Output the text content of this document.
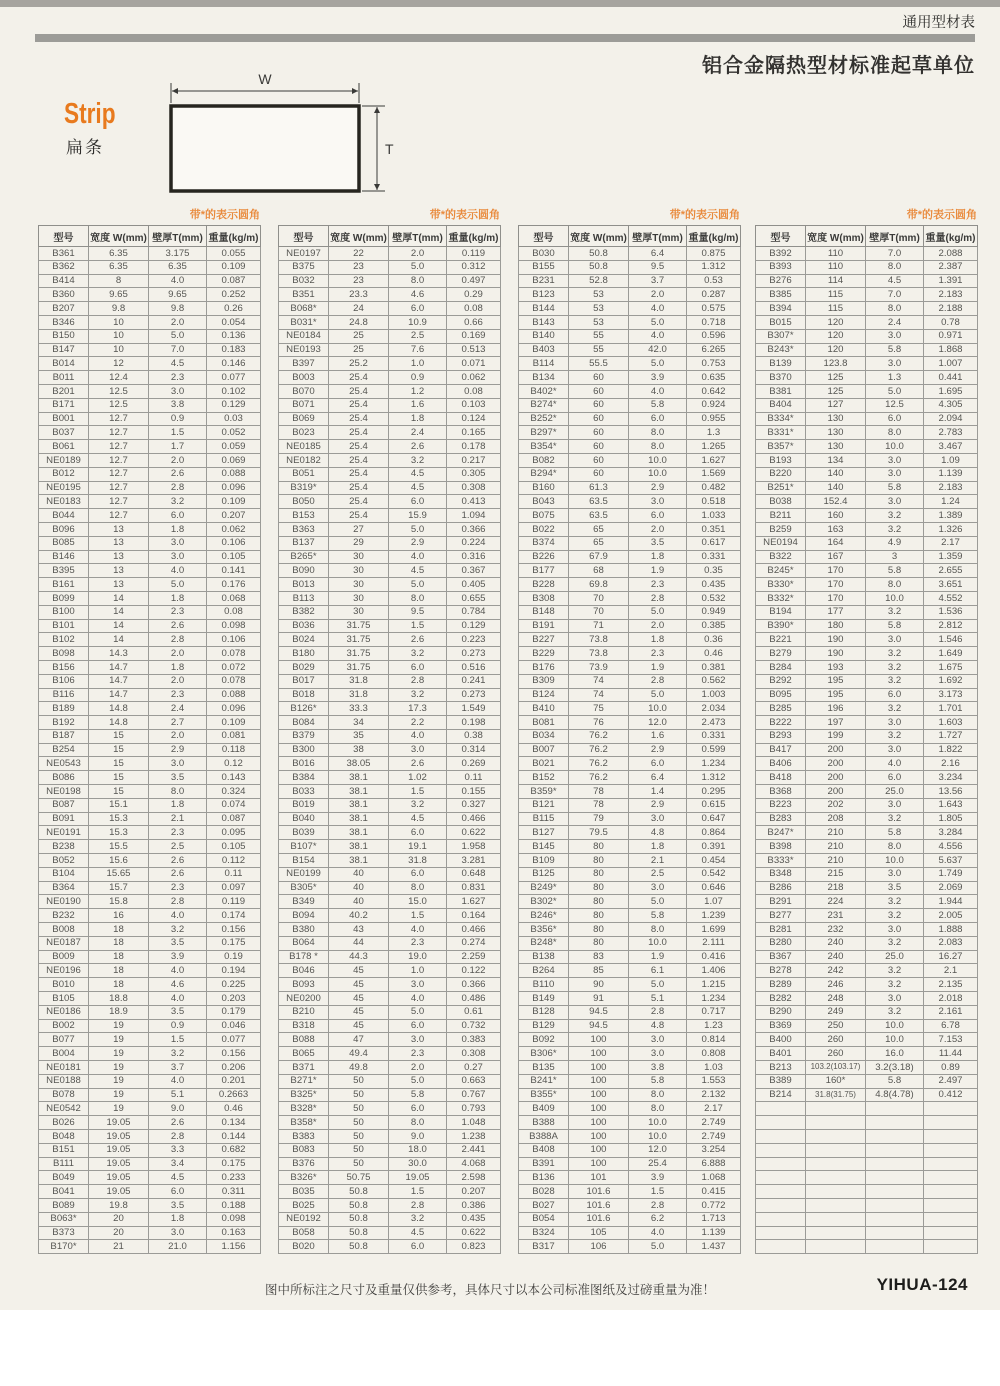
通用型材表
铝合金隔热型材标准起草单位
Strip
扁条
W
T
带*的表示圆角
型号	宽度 W(mm)	壁厚T(mm)	重量(kg/m)
B361	6.35	3.175	0.055
B362	6.35	6.35	0.109
B414	8	4.0	0.087
B360	9.65	9.65	0.252
B207	9.8	9.8	0.26
B346	10	2.0	0.054
B150	10	5.0	0.136
B147	10	7.0	0.183
B014	12	4.5	0.146
B011	12.4	2.3	0.077
B201	12.5	3.0	0.102
B171	12.5	3.8	0.129
B001	12.7	0.9	0.03
B037	12.7	1.5	0.052
B061	12.7	1.7	0.059
NE0189	12.7	2.0	0.069
B012	12.7	2.6	0.088
NE0195	12.7	2.8	0.096
NE0183	12.7	3.2	0.109
B044	12.7	6.0	0.207
B096	13	1.8	0.062
B085	13	3.0	0.106
B146	13	3.0	0.105
B395	13	4.0	0.141
B161	13	5.0	0.176
B099	14	1.8	0.068
B100	14	2.3	0.08
B101	14	2.6	0.098
B102	14	2.8	0.106
B098	14.3	2.0	0.078
B156	14.7	1.8	0.072
B106	14.7	2.0	0.078
B116	14.7	2.3	0.088
B189	14.8	2.4	0.096
B192	14.8	2.7	0.109
B187	15	2.0	0.081
B254	15	2.9	0.118
NE0543	15	3.0	0.12
B086	15	3.5	0.143
NE0198	15	8.0	0.324
B087	15.1	1.8	0.074
B091	15.3	2.1	0.087
NE0191	15.3	2.3	0.095
B238	15.5	2.5	0.105
B052	15.6	2.6	0.112
B104	15.65	2.6	0.11
B364	15.7	2.3	0.097
NE0190	15.8	2.8	0.119
B232	16	4.0	0.174
B008	18	3.2	0.156
NE0187	18	3.5	0.175
B009	18	3.9	0.19
NE0196	18	4.0	0.194
B010	18	4.6	0.225
B105	18.8	4.0	0.203
NE0186	18.9	3.5	0.179
B002	19	0.9	0.046
B077	19	1.5	0.077
B004	19	3.2	0.156
NE0181	19	3.7	0.206
NE0188	19	4.0	0.201
B078	19	5.1	0.2663
NE0542	19	9.0	0.46
B026	19.05	2.6	0.134
B048	19.05	2.8	0.144
B151	19.05	3.3	0.682
B111	19.05	3.4	0.175
B049	19.05	4.5	0.233
B041	19.05	6.0	0.311
B089	19.8	3.5	0.188
B063*	20	1.8	0.098
B373	20	3.0	0.163
B170*	21	21.0	1.156
带*的表示圆角
型号	宽度 W(mm)	壁厚T(mm)	重量(kg/m)
NE0197	22	2.0	0.119
B375	23	5.0	0.312
B032	23	8.0	0.497
B351	23.3	4.6	0.29
B068*	24	6.0	0.08
B031*	24.8	10.9	0.66
NE0184	25	2.5	0.169
NE0193	25	7.6	0.513
B397	25.2	1.0	0.071
B003	25.4	0.9	0.062
B070	25.4	1.2	0.08
B071	25.4	1.6	0.103
B069	25.4	1.8	0.124
B023	25.4	2.4	0.165
NE0185	25.4	2.6	0.178
NE0182	25.4	3.2	0.217
B051	25.4	4.5	0.305
B319*	25.4	4.5	0.308
B050	25.4	6.0	0.413
B153	25.4	15.9	1.094
B363	27	5.0	0.366
B137	29	2.9	0.224
B265*	30	4.0	0.316
B090	30	4.5	0.367
B013	30	5.0	0.405
B113	30	8.0	0.655
B382	30	9.5	0.784
B036	31.75	1.5	0.129
B024	31.75	2.6	0.223
B180	31.75	3.2	0.273
B029	31.75	6.0	0.516
B017	31.8	2.8	0.241
B018	31.8	3.2	0.273
B126*	33.3	17.3	1.549
B084	34	2.2	0.198
B379	35	4.0	0.38
B300	38	3.0	0.314
B016	38.05	2.6	0.269
B384	38.1	1.02	0.11
B033	38.1	1.5	0.155
B019	38.1	3.2	0.327
B040	38.1	4.5	0.466
B039	38.1	6.0	0.622
B107*	38.1	19.1	1.958
B154	38.1	31.8	3.281
NE0199	40	6.0	0.648
B305*	40	8.0	0.831
B349	40	15.0	1.627
B094	40.2	1.5	0.164
B380	43	4.0	0.466
B064	44	2.3	0.274
B178 *	44.3	19.0	2.259
B046	45	1.0	0.122
B093	45	3.0	0.366
NE0200	45	4.0	0.486
B210	45	5.0	0.61
B318	45	6.0	0.732
B088	47	3.0	0.383
B065	49.4	2.3	0.308
B371	49.8	2.0	0.27
B271*	50	5.0	0.663
B325*	50	5.8	0.767
B328*	50	6.0	0.793
B358*	50	8.0	1.048
B383	50	9.0	1.238
B083	50	18.0	2.441
B376	50	30.0	4.068
B326*	50.75	19.05	2.598
B035	50.8	1.5	0.207
B025	50.8	2.8	0.386
NE0192	50.8	3.2	0.435
B058	50.8	4.5	0.622
B020	50.8	6.0	0.823
带*的表示圆角
型号	宽度 W(mm)	壁厚T(mm)	重量(kg/m)
B030	50.8	6.4	0.875
B155	50.8	9.5	1.312
B231	52.8	3.7	0.53
B123	53	2.0	0.287
B144	53	4.0	0.575
B143	53	5.0	0.718
B140	55	4.0	0.596
B403	55	42.0	6.265
B114	55.5	5.0	0.753
B134	60	3.9	0.635
B402*	60	4.0	0.642
B274*	60	5.8	0.924
B252*	60	6.0	0.955
B297*	60	8.0	1.3
B354*	60	8.0	1.265
B082	60	10.0	1.627
B294*	60	10.0	1.569
B160	61.3	2.9	0.482
B043	63.5	3.0	0.518
B075	63.5	6.0	1.033
B022	65	2.0	0.351
B374	65	3.5	0.617
B226	67.9	1.8	0.331
B177	68	1.9	0.35
B228	69.8	2.3	0.435
B308	70	2.8	0.532
B148	70	5.0	0.949
B191	71	2.0	0.385
B227	73.8	1.8	0.36
B229	73.8	2.3	0.46
B176	73.9	1.9	0.381
B309	74	2.8	0.562
B124	74	5.0	1.003
B410	75	10.0	2.034
B081	76	12.0	2.473
B034	76.2	1.6	0.331
B007	76.2	2.9	0.599
B021	76.2	6.0	1.234
B152	76.2	6.4	1.312
B359*	78	1.4	0.295
B121	78	2.9	0.615
B115	79	3.0	0.647
B127	79.5	4.8	0.864
B145	80	1.8	0.391
B109	80	2.1	0.454
B125	80	2.5	0.542
B249*	80	3.0	0.646
B302*	80	5.0	1.07
B246*	80	5.8	1.239
B356*	80	8.0	1.699
B248*	80	10.0	2.111
B138	83	1.9	0.416
B264	85	6.1	1.406
B110	90	5.0	1.215
B149	91	5.1	1.234
B128	94.5	2.8	0.717
B129	94.5	4.8	1.23
B092	100	3.0	0.814
B306*	100	3.0	0.808
B135	100	3.8	1.03
B241*	100	5.8	1.553
B355*	100	8.0	2.132
B409	100	8.0	2.17
B388	100	10.0	2.749
B388A	100	10.0	2.749
B408	100	12.0	3.254
B391	100	25.4	6.888
B136	101	3.9	1.068
B028	101.6	1.5	0.415
B027	101.6	2.8	0.772
B054	101.6	6.2	1.713
B324	105	4.0	1.139
B317	106	5.0	1.437
带*的表示圆角
型号	宽度 W(mm)	壁厚T(mm)	重量(kg/m)
B392	110	7.0	2.088
B393	110	8.0	2.387
B276	114	4.5	1.391
B385	115	7.0	2.183
B394	115	8.0	2.188
B015	120	2.4	0.78
B307*	120	3.0	0.971
B243*	120	5.8	1.868
B139	123.8	3.0	1.007
B370	125	1.3	0.441
B381	125	5.0	1.695
B404	127	12.5	4.305
B334*	130	6.0	2.094
B331*	130	8.0	2.783
B357*	130	10.0	3.467
B193	134	3.0	1.09
B220	140	3.0	1.139
B251*	140	5.8	2.183
B038	152.4	3.0	1.24
B211	160	3.2	1.389
B259	163	3.2	1.326
NE0194	164	4.9	2.17
B322	167	3	1.359
B245*	170	5.8	2.655
B330*	170	8.0	3.651
B332*	170	10.0	4.552
B194	177	3.2	1.536
B390*	180	5.8	2.812
B221	190	3.0	1.546
B279	190	3.2	1.649
B284	193	3.2	1.675
B292	195	3.2	1.692
B095	195	6.0	3.173
B285	196	3.2	1.701
B222	197	3.0	1.603
B293	199	3.2	1.727
B417	200	3.0	1.822
B406	200	4.0	2.16
B418	200	6.0	3.234
B368	200	25.0	13.56
B223	202	3.0	1.643
B283	208	3.2	1.805
B247*	210	5.8	3.284
B398	210	8.0	4.556
B333*	210	10.0	5.637
B348	215	3.0	1.749
B286	218	3.5	2.069
B291	224	3.2	1.944
B277	231	3.2	2.005
B281	232	3.0	1.888
B280	240	3.2	2.083
B367	240	25.0	16.27
B278	242	3.2	2.1
B289	246	3.2	2.135
B282	248	3.0	2.018
B290	249	3.2	2.161
B369	250	10.0	6.78
B400	260	10.0	7.153
B401	260	16.0	11.44
B213	103.2(103.17)	3.2(3.18)	0.89
B389	160*	5.8	2.497
B214	31.8(31.75)	4.8(4.78)	0.412

图中所标注之尺寸及重量仅供参考，具体尺寸以本公司标准图纸及过磅重量为准！	YIHUA-124
